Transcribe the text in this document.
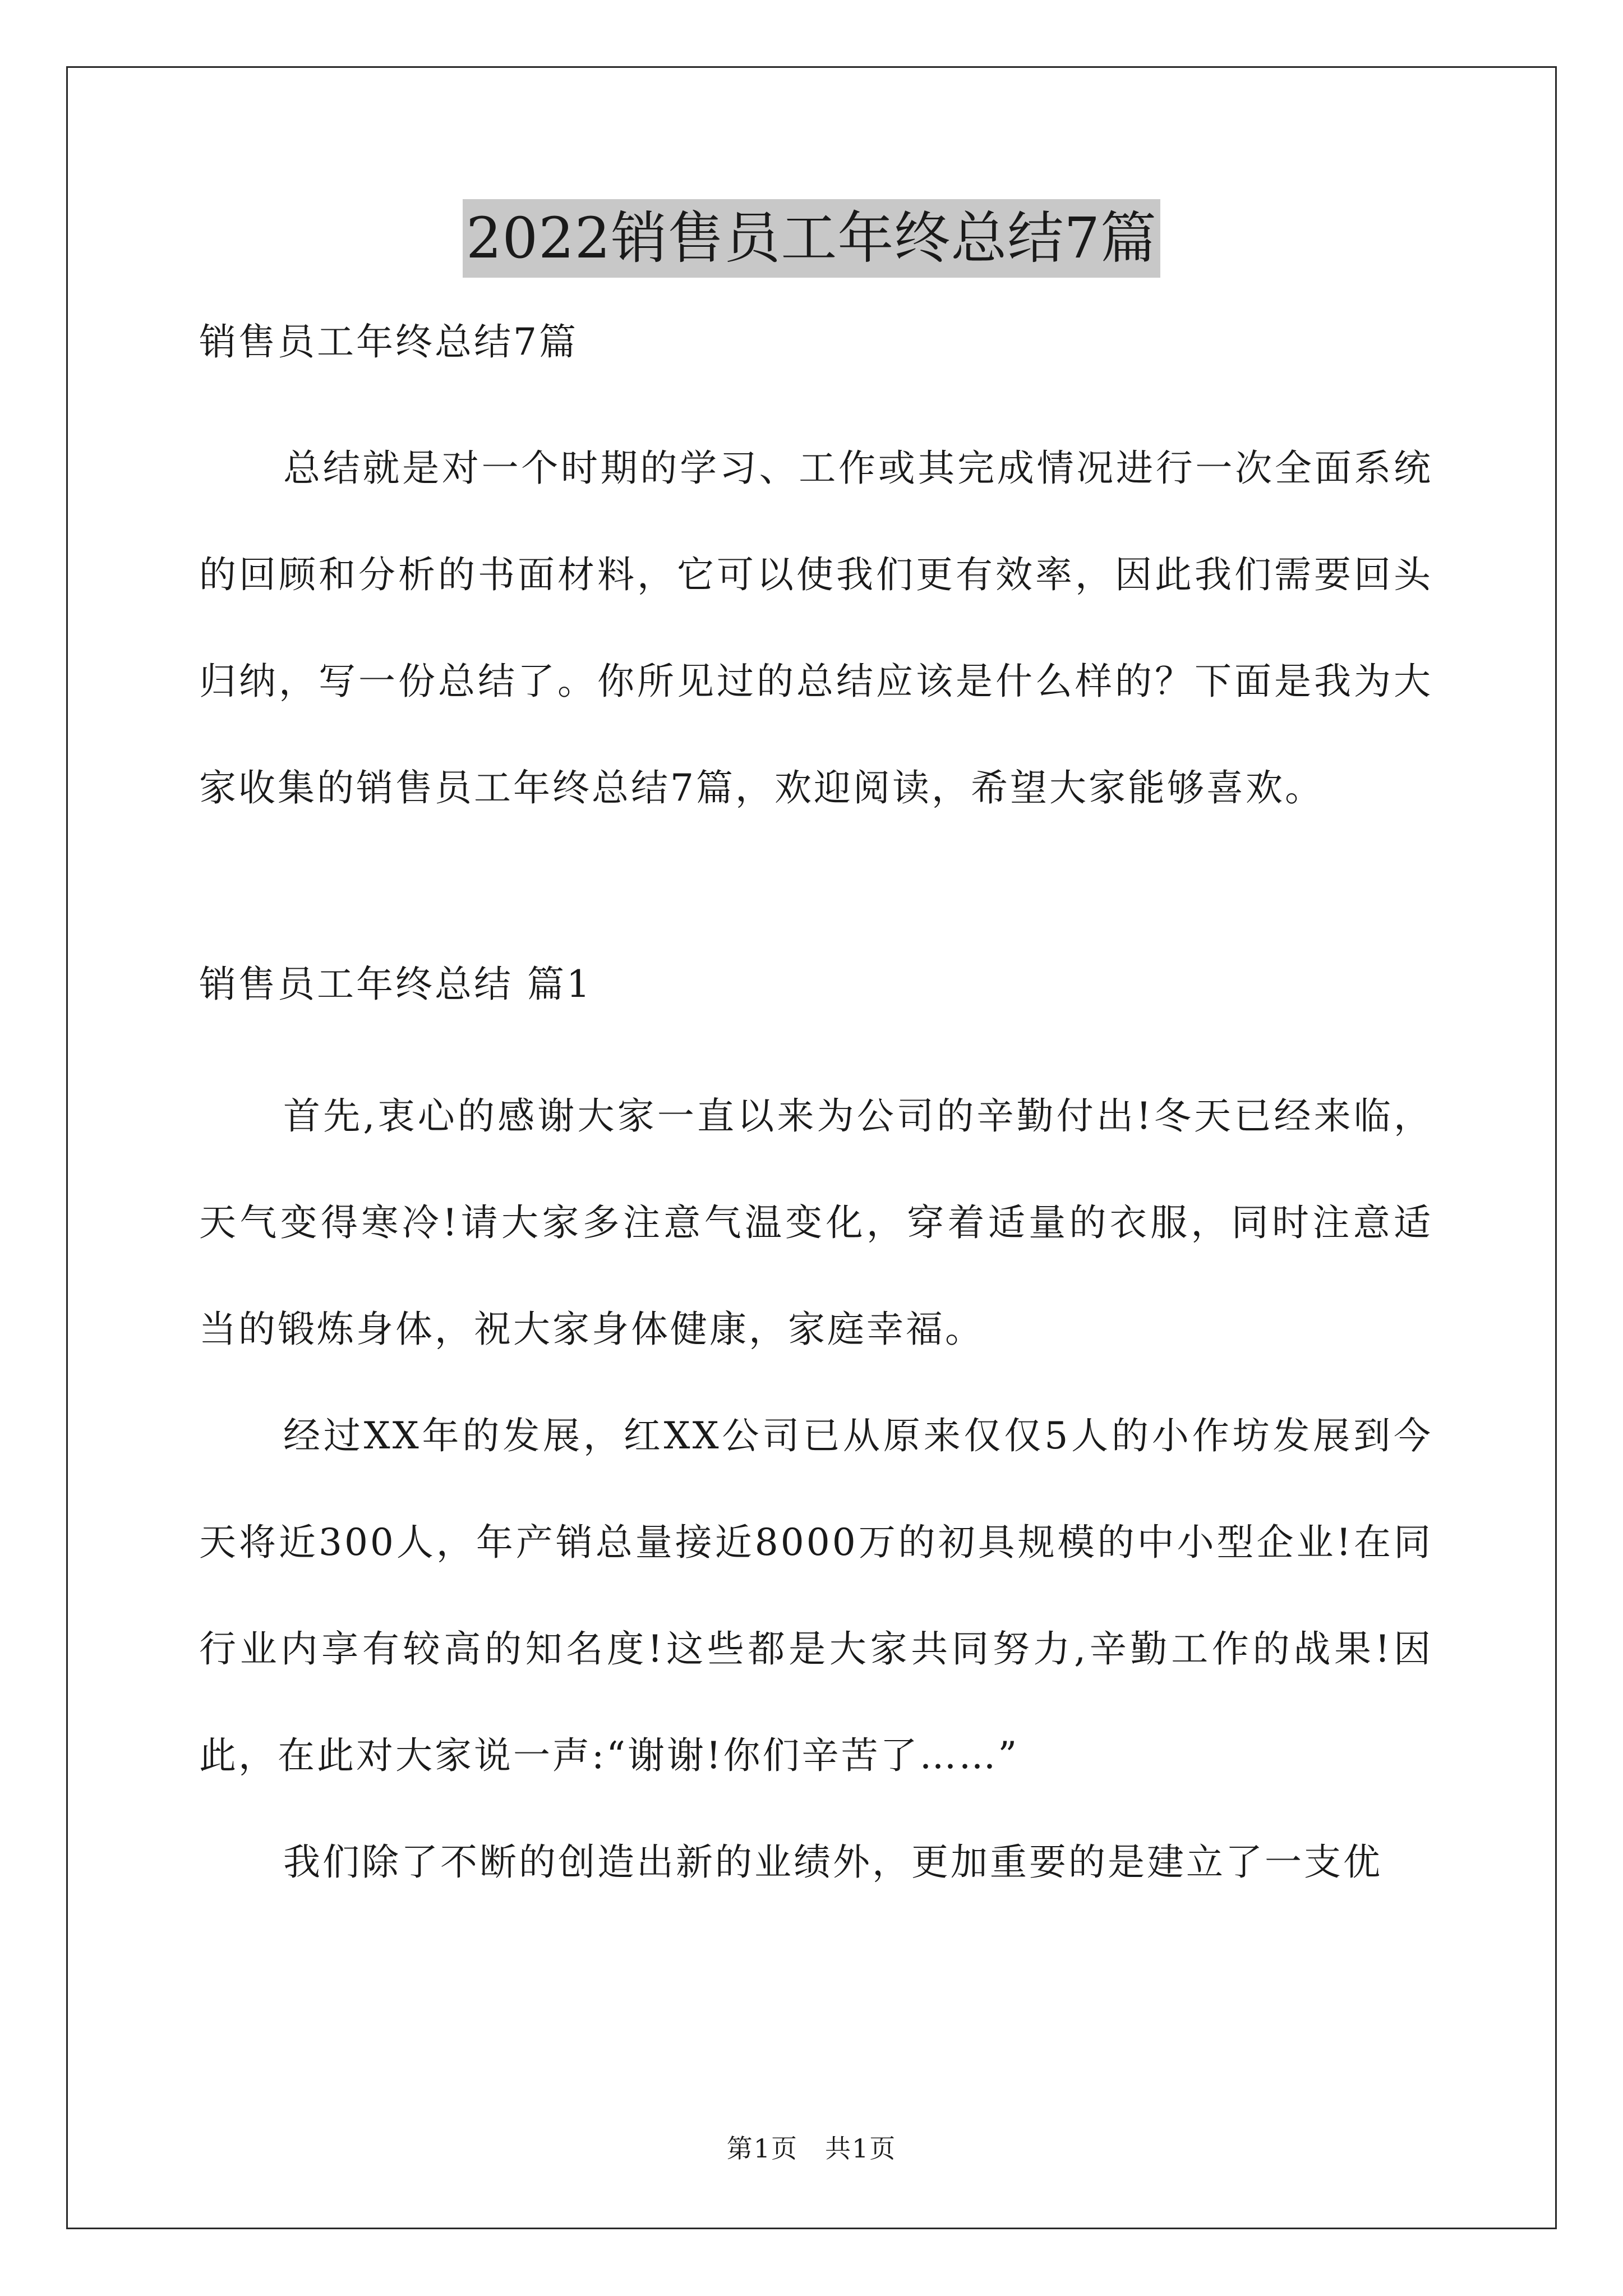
2022销售员工年终总结7篇

销售员工年终总结7篇

总结就是对一个时期的学习、工作或其完成情况进行一次全面系统的回顾和分析的书面材料，它可以使我们更有效率，因此我们需要回头归纳，写一份总结了。你所见过的总结应该是什么样的？下面是我为大家收集的销售员工年终总结7篇，欢迎阅读，希望大家能够喜欢。

销售员工年终总结 篇1

首先,衷心的感谢大家一直以来为公司的辛勤付出!冬天已经来临，天气变得寒冷!请大家多注意气温变化，穿着适量的衣服，同时注意适当的锻炼身体，祝大家身体健康，家庭幸福。

经过XX年的发展，红XX公司已从原来仅仅5人的小作坊发展到今天将近300人，年产销总量接近8000万的初具规模的中小型企业!在同行业内享有较高的知名度!这些都是大家共同努力,辛勤工作的战果!因此，在此对大家说一声:“谢谢!你们辛苦了……”

我们除了不断的创造出新的业绩外，更加重要的是建立了一支优

第1页　共1页
